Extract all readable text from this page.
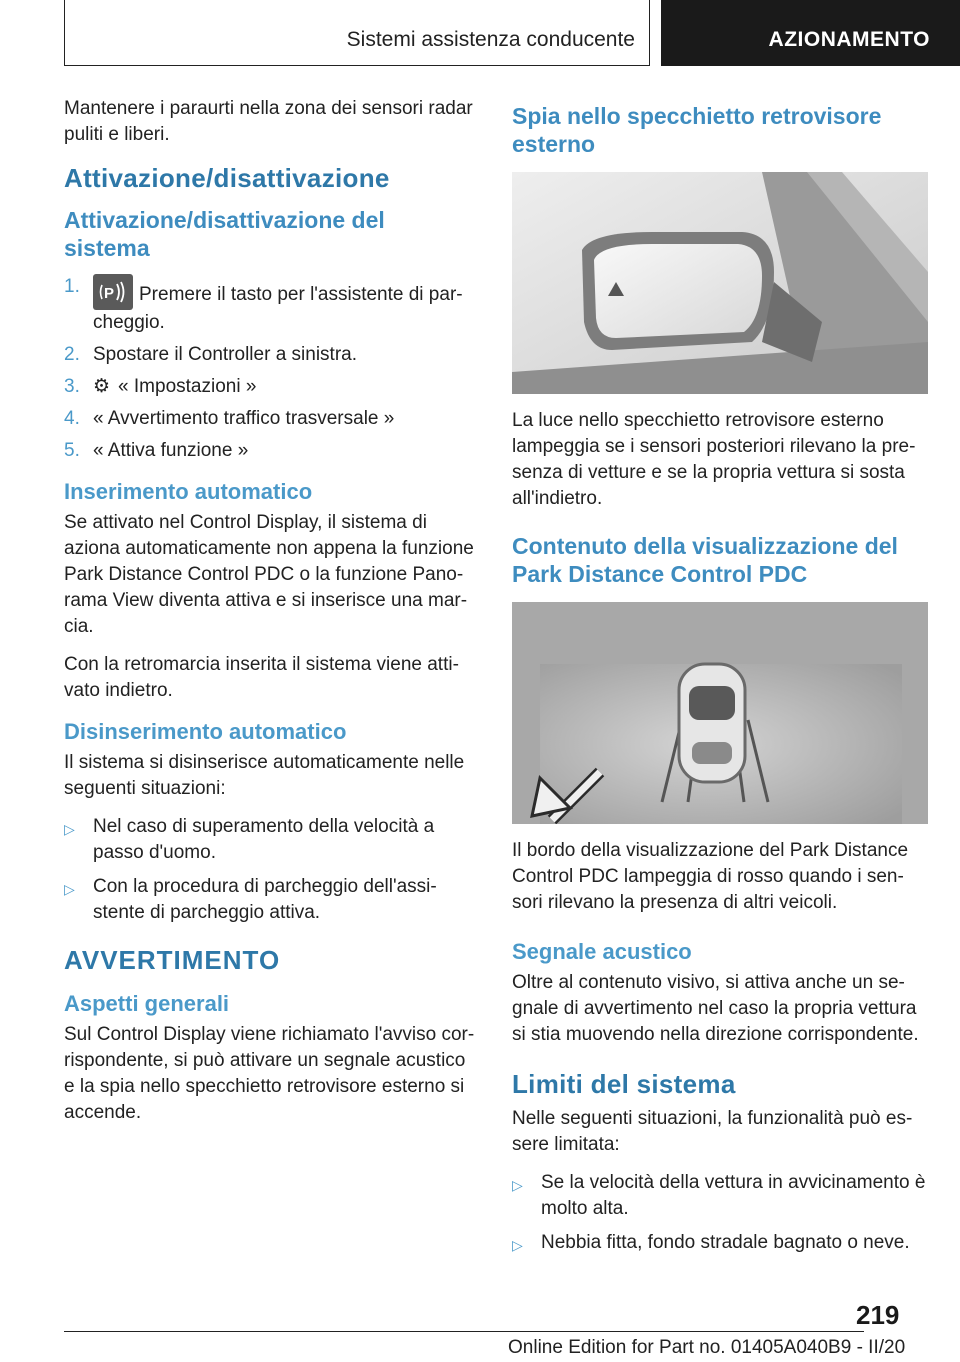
Sistemi assistenza conducente	AZIONAMENTO

Mantenere i paraurti nella zona dei sensori radar puliti e liberi.

Attivazione/disattivazione
Attivazione/disattivazione del sistema
1.	P Premere il tasto per l'assistente di parcheggio.
2. Spostare il Controller a sinistra.
3. ⚙ « Impostazioni »
4. « Avvertimento traffico trasversale »
5. « Attiva funzione »
Inserimento automatico

Se attivato nel Control Display, il sistema di aziona automaticamente non appena la funzione Park Distance Control PDC o la funzione Panorama View diventa attiva e si inserisce una marcia.

Con la retromarcia inserita il sistema viene attivato indietro.

Disinserimento automatico

Il sistema si disinserisce automaticamente nelle seguenti situazioni:

▷ Nel caso di superamento della velocità a passo d'uomo.
▷ Con la procedura di parcheggio dell'assistente di parcheggio attiva.
AVVERTIMENTO
Aspetti generali

Sul Control Display viene richiamato l'avviso corrispondente, si può attivare un segnale acustico e la spia nello specchietto retrovisore esterno si accende.

Spia nello specchietto retrovisore esterno

La luce nello specchietto retrovisore esterno lampeggia se i sensori posteriori rilevano la presenza di vetture e se la propria vettura si sosta all'indietro.

Contenuto della visualizzazione del Park Distance Control PDC

Il bordo della visualizzazione del Park Distance Control PDC lampeggia di rosso quando i sensori rilevano la presenza di altri veicoli.

Segnale acustico

Oltre al contenuto visivo, si attiva anche un segnale di avvertimento nel caso la propria vettura si stia muovendo nella direzione corrispondente.

Limiti del sistema

Nelle seguenti situazioni, la funzionalità può essere limitata:

▷ Se la velocità della vettura in avvicinamento è molto alta.
▷ Nebbia fitta, fondo stradale bagnato o neve.
219
Online Edition for Part no. 01405A040B9 - II/20
